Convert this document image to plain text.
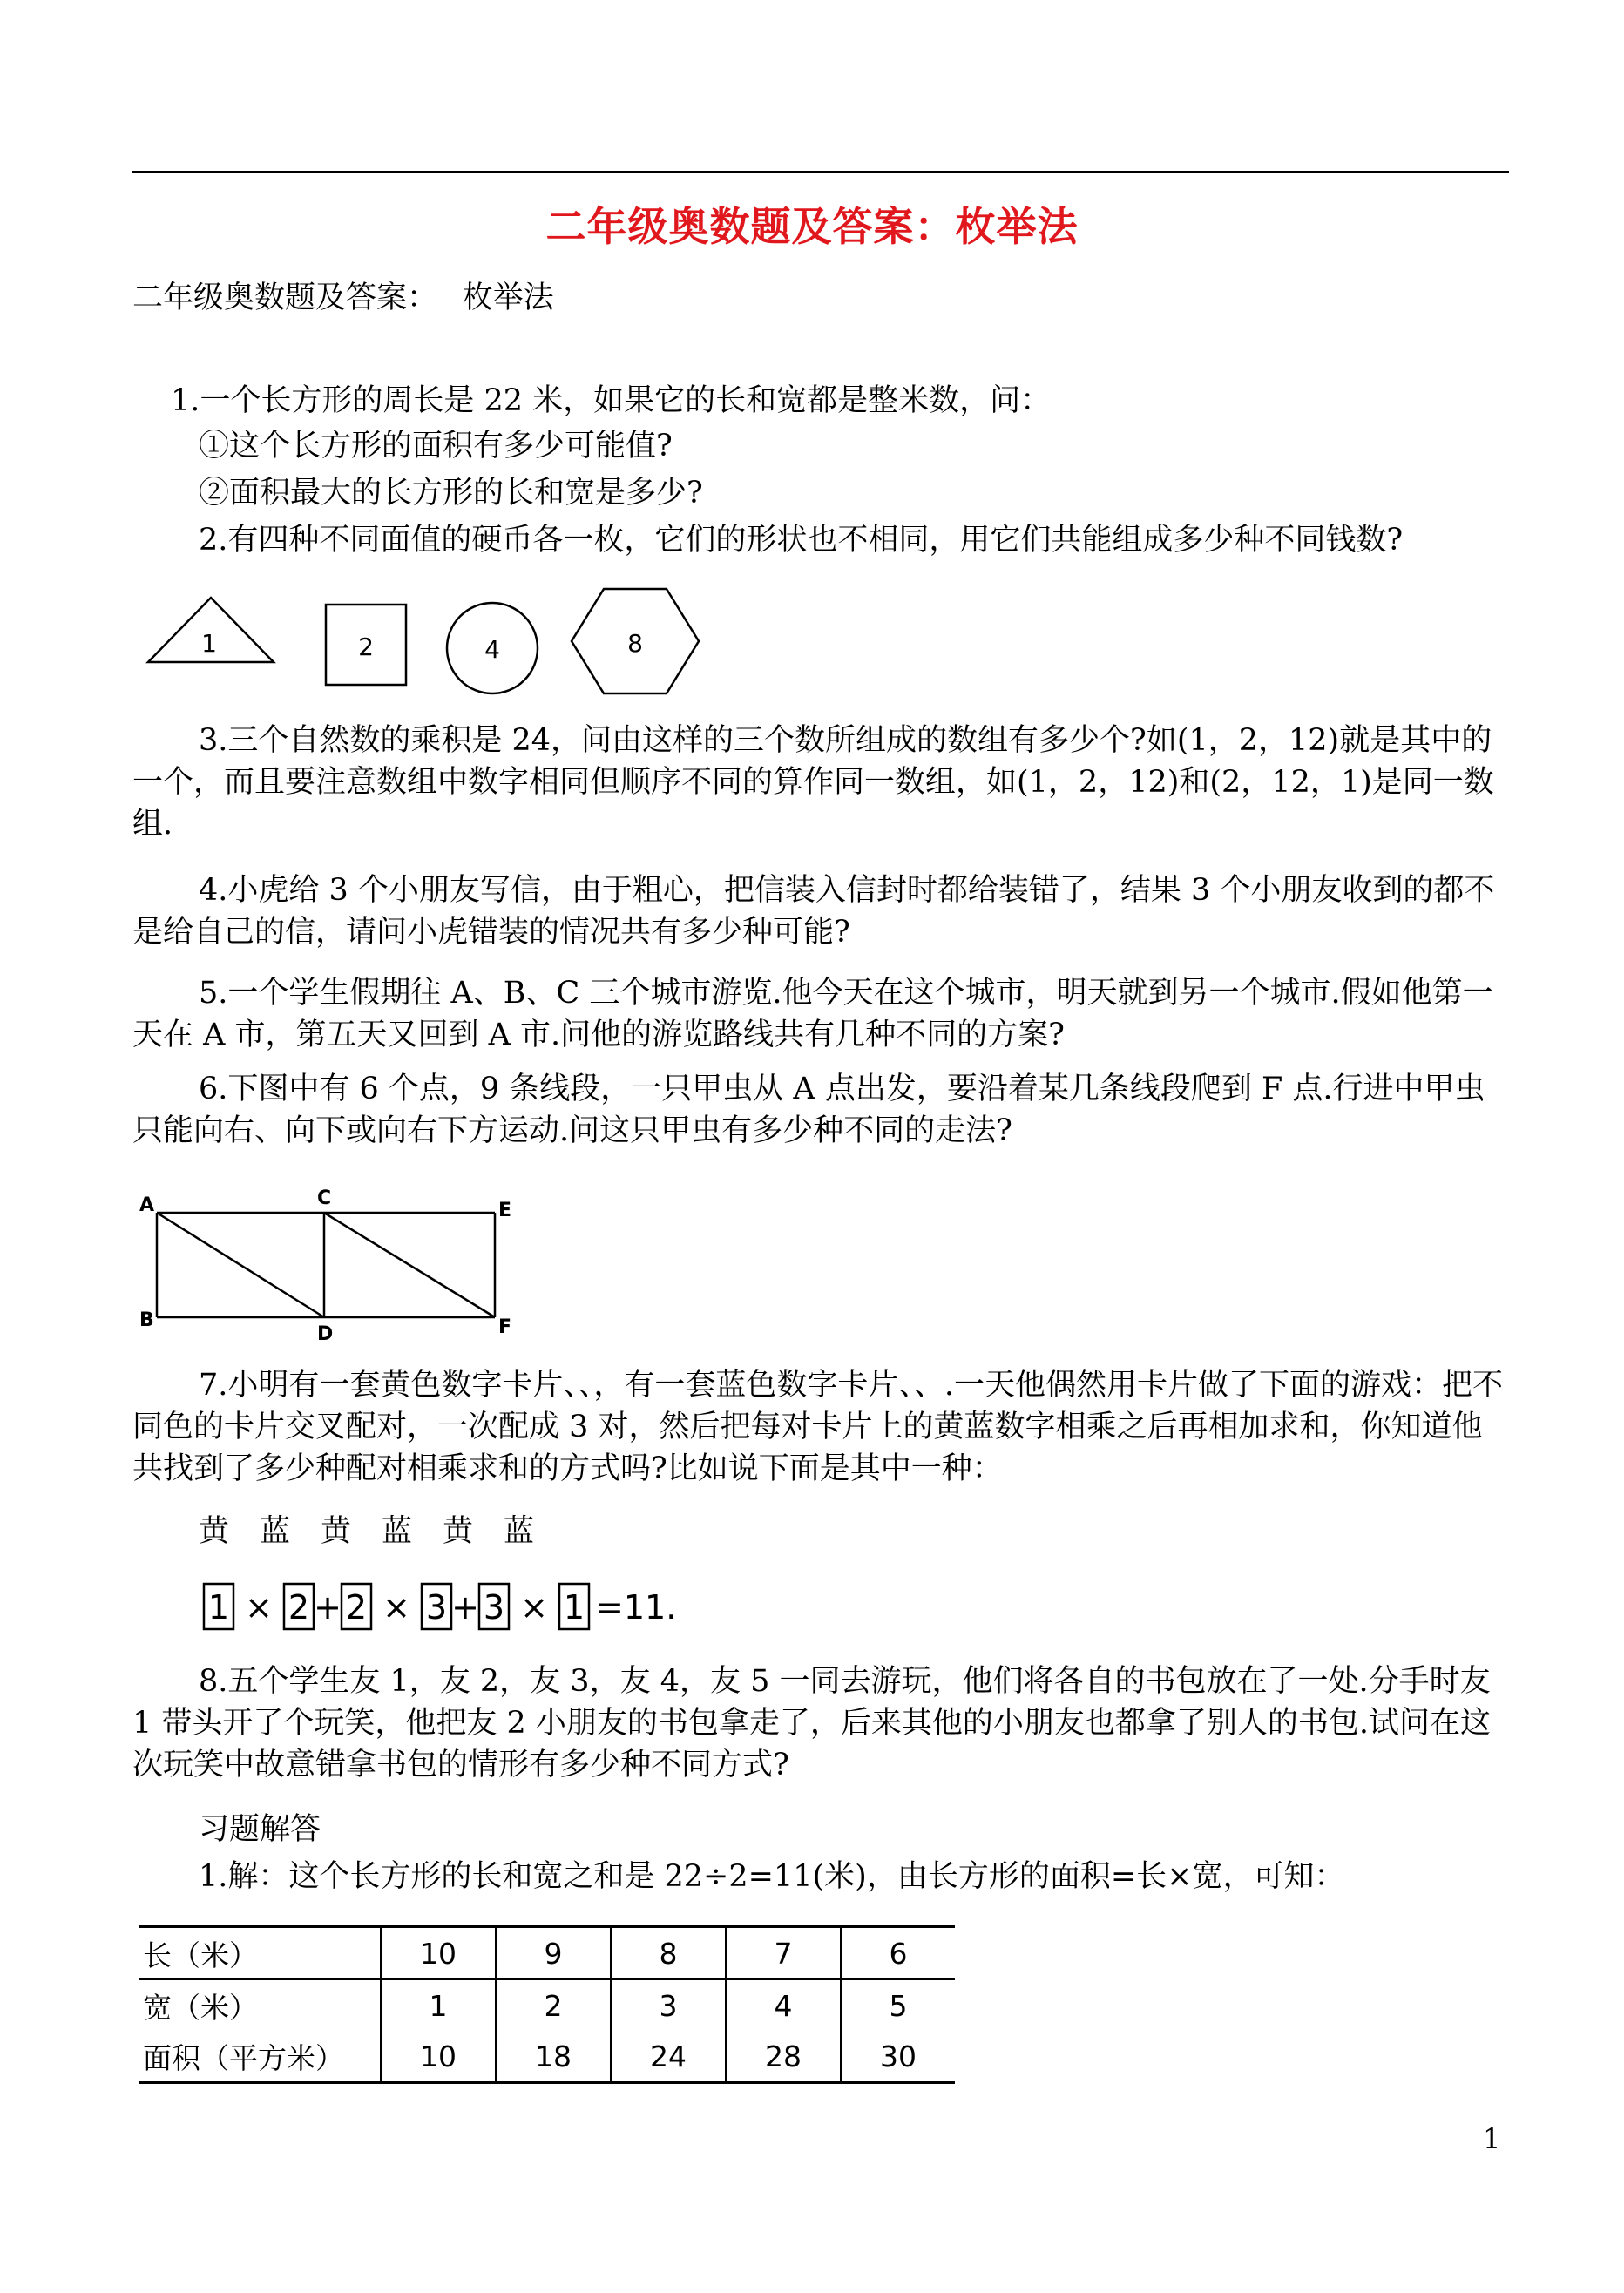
二年级奥数题及答案：枚举法
二年级奥数题及答案：　 枚举法
1.一个长方形的周长是 22 米，如果它的长和宽都是整米数，问：
①这个长方形的面积有多少可能值?
②面积最大的长方形的长和宽是多少?
2.有四种不同面值的硬币各一枚，它们的形状也不相同，用它们共能组成多少种不同钱数?
1	2	4	8
3.三个自然数的乘积是 24，问由这样的三个数所组成的数组有多少个?如(1，2，12)就是其中的一个，而且要注意数组中数字相同但顺序不同的算作同一数组，如(1，2，12)和(2，12，1)是同一数组.
4.小虎给 3 个小朋友写信，由于粗心，把信装入信封时都给装错了，结果 3 个小朋友收到的都不是给自己的信，请问小虎错装的情况共有多少种可能?
5.一个学生假期往 A、B、C 三个城市游览.他今天在这个城市，明天就到另一个城市.假如他第一天在 A 市，第五天又回到 A 市.问他的游览路线共有几种不同的方案?
6.下图中有 6 个点，9 条线段，一只甲虫从 A 点出发，要沿着某几条线段爬到 F 点.行进中甲虫只能向右、向下或向右下方运动.问这只甲虫有多少种不同的走法?
A
B
C
D
E
F
7.小明有一套黄色数字卡片、、，有一套蓝色数字卡片、、.一天他偶然用卡片做了下面的游戏：把不同色的卡片交叉配对，一次配成 3 对，然后把每对卡片上的黄蓝数字相乘之后再相加求和，你知道他共找到了多少种配对相乘求和的方式吗?比如说下面是其中一种：
黄　蓝　黄　蓝　黄　蓝
1 × 2 + 2 × 3 + 3 × 1 =11.
8.五个学生友 1，友 2，友 3，友 4，友 5 一同去游玩，他们将各自的书包放在了一处.分手时友 1 带头开了个玩笑，他把友 2 小朋友的书包拿走了，后来其他的小朋友也都拿了别人的书包.试问在这次玩笑中故意错拿书包的情形有多少种不同方式?
习题解答
1.解：这个长方形的长和宽之和是 22÷2=11(米)，由长方形的面积=长×宽，可知：
长（米）	10	9	8	7	6
宽（米）	1	2	3	4	5
面积（平方米）	10	18	24	28	30
1
